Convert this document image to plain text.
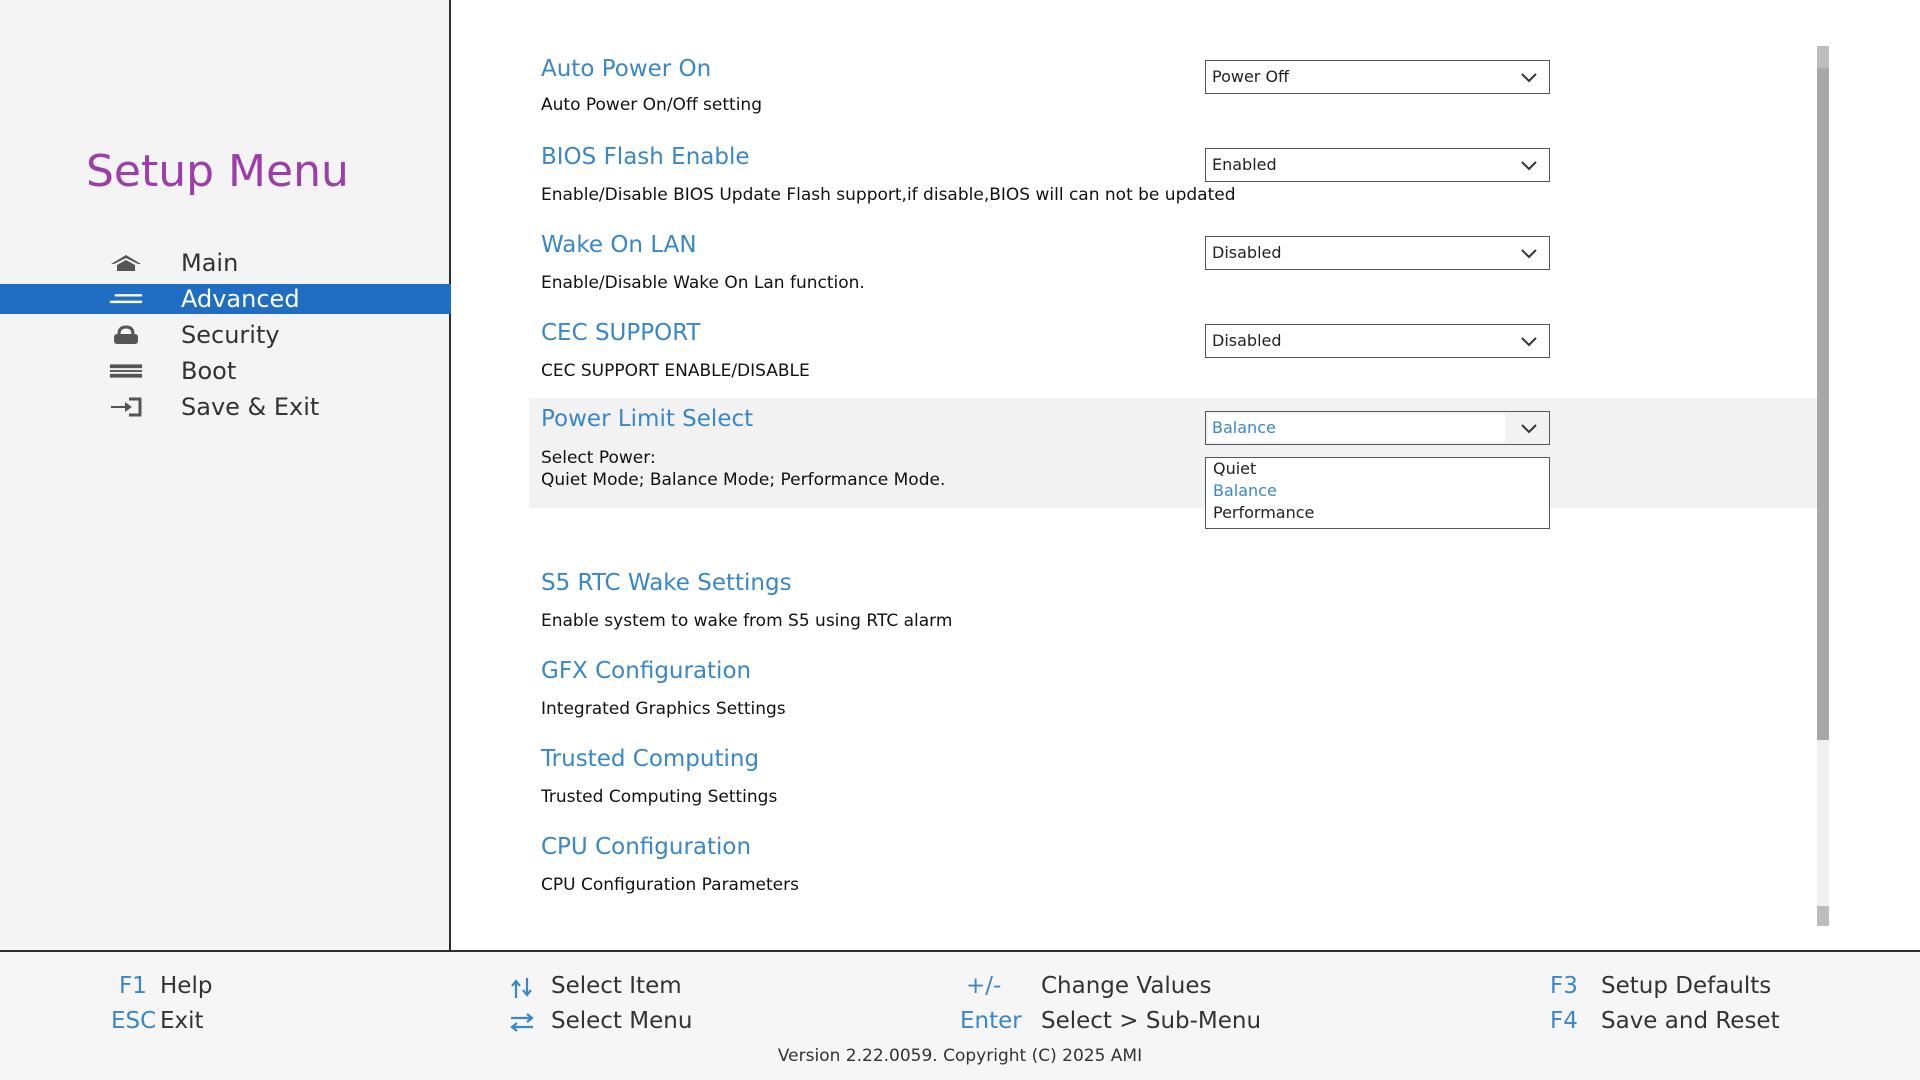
Setup Menu
Main
Advanced
Security
Boot
Save & Exit
Auto Power On
Auto Power On/Off setting
Power Off
BIOS Flash Enable
Enable/Disable BIOS Update Flash support,if disable,BIOS will can not be updated
Enabled
Wake On LAN
Enable/Disable Wake On Lan function.
Disabled
CEC SUPPORT
CEC SUPPORT ENABLE/DISABLE
Disabled
Power Limit Select
Select Power:
Quiet Mode; Balance Mode; Performance Mode.
Balance
Quiet
Balance
Performance
S5 RTC Wake Settings
Enable system to wake from S5 using RTC alarm
GFX Configuration
Integrated Graphics Settings
Trusted Computing
Trusted Computing Settings
CPU Configuration
CPU Configuration Parameters
F1 Help
ESC Exit
Select Item
Select Menu
+/- Change Values
Enter Select > Sub-Menu
F3 Setup Defaults
F4 Save and Reset
Version 2.22.0059. Copyright (C) 2025 AMI
